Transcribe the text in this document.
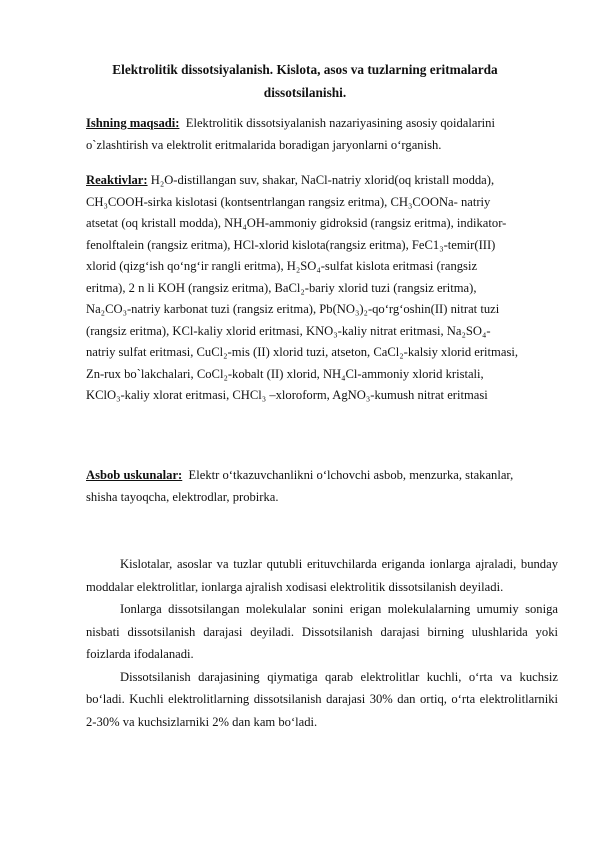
Elektrolitik dissotsiyalanish. Kislota, asos va tuzlarning eritmalarda dissotsilanishi.
Ishning maqsadi: Elektrolitik dissotsiyalanish nazariyasining asosiy qoidalarini o`zlashtirish va elektrolit eritmalarida boradigan jaryonlarni o‘rganish.
Reaktivlar: H₂O-distillangan suv, shakar, NaCl-natriy xlorid(oq kristall modda), CH₃COOH-sirka kislotasi (kontsentrlangan rangsiz eritma), CH₃COONa- natriy atsetat (oq kristall modda), NH₄OH-ammoniy gidroksid (rangsiz eritma), indikator-fenolftalein (rangsiz eritma), HCl-xlorid kislota(rangsiz eritma), FeC1₃-temir(III) xlorid (qizg‘ish qo‘ng‘ir rangli eritma), H₂SO₄-sulfat kislota eritmasi (rangsiz eritma), 2 n li KOH (rangsiz eritma), BaCl₂-bariy xlorid tuzi (rangsiz eritma), Na₂CO₃-natriy karbonat tuzi (rangsiz eritma), Pb(NO₃)₂-qo‘rg‘oshin(II) nitrat tuzi (rangsiz eritma), KCl-kaliy xlorid eritmasi, KNO₃-kaliy nitrat eritmasi, Na₂SO₄-natriy sulfat eritmasi, CuCl₂-mis (II) xlorid tuzi, atseton, CaCl₂-kalsiy xlorid eritmasi, Zn-rux bo`lakchalari, CoCl₂-kobalt (II) xlorid, NH₄Cl-ammoniy xlorid kristali, KClO₃-kaliy xlorat eritmasi, CHCl₃ –xloroform, AgNO₃-kumush nitrat eritmasi
Asbob uskunalar: Elektr o‘tkazuvchanlikni o‘lchovchi asbob, menzurka, stakanlar, shisha tayoqcha, elektrodlar, probirka.

Kislotalar, asoslar va tuzlar qutubli erituvchilarda eriganda ionlarga ajraladi, bunday moddalar elektrolitlar, ionlarga ajralish xodisasi elektrolitik dissotsilanish deyiladi.

Ionlarga dissotsilangan molekulalar sonini erigan molekulalarning umumiy soniga nisbati dissotsilanish darajasi deyiladi. Dissotsilanish darajasi birning ulushlarida yoki foizlarda ifodalanadi.

Dissotsilanish darajasining qiymatiga qarab elektrolitlar kuchli, o‘rta va kuchsiz bo‘ladi. Kuchli elektrolitlarning dissotsilanish darajasi 30% dan ortiq, o‘rta elektrolitlarniki 2-30% va kuchsizlarniki 2% dan kam bo‘ladi.
